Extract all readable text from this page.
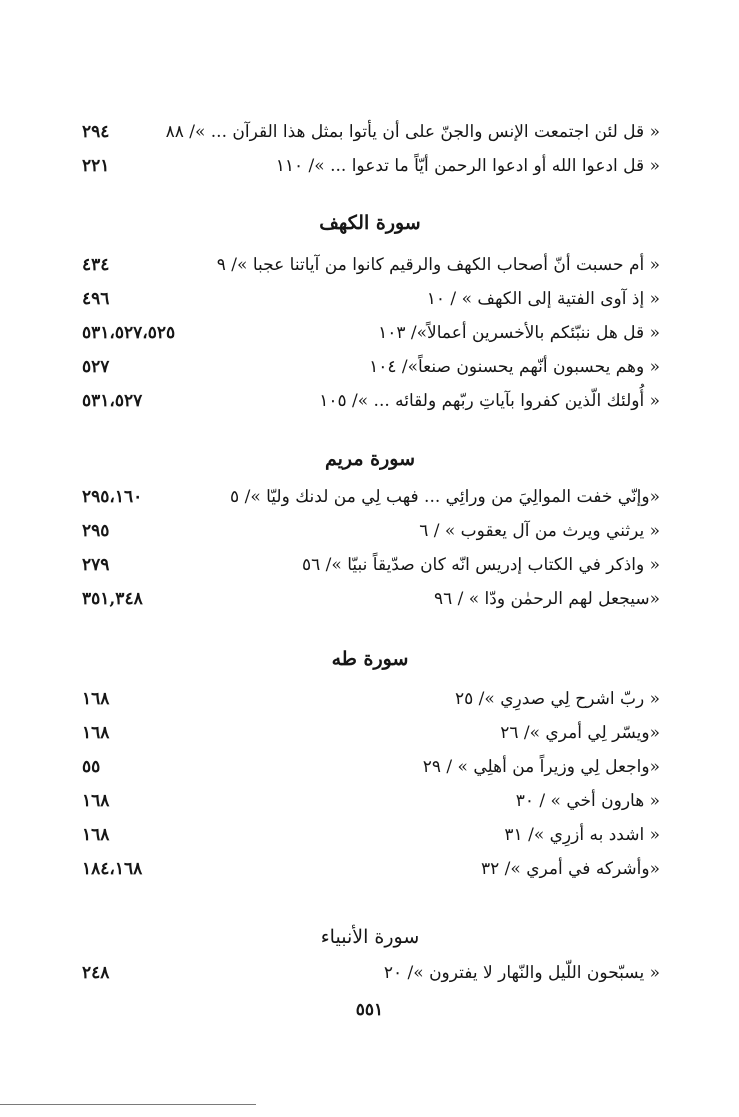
« قل لئن اجتمعت الإنس والجنّ على أن يأتوا بمثل هذا القرآن ... »/ ٨٨
٢٩٤
« قل ادعوا الله أو ادعوا الرحمن أيّاً ما تدعوا ... »/ ١١٠
٢٢١
سورة الكهف
« أم حسبت أنّ أصحاب الكهف والرقيم كانوا من آياتنا عجبا »/ ٩
٤٣٤
« إذ آوى الفتية إلى الكهف » / ١٠
٤٩٦
« قل هل ننبّئكم بالأخسرين أعمالاً»/ ١٠٣
٥٣١،٥٢٧،٥٢٥
« وهم يحسبون أنّهم يحسنون صنعاً»/ ١٠٤
٥٢٧
« أُولئك الّذين كفروا بآياتِ ربّهم ولقائه ... »/ ١٠٥
٥٣١،٥٢٧
سورة مريم
«وإنّي خفت الموالِيَ من ورائِي ... فهب لِي من لدنك وليّا »/ ٥
٢٩٥،١٦٠
« يرثني ويرث من آل يعقوب » / ٦
٢٩٥
« واذكر في الكتاب إدريس انّه كان صدّيقاً نبيّا »/ ٥٦
٢٧٩
«سيجعل لهم الرحمٰن ودّا » / ٩٦
٣٥١,٣٤٨
سورة طه
« ربّ اشرح لِي صدرِي »/ ٢٥
١٦٨
«ويسّر لِي أمري »/ ٢٦
١٦٨
«واجعل لِي وزيراً من أهلِي » / ٢٩
٥٥
« هارون أخي » / ٣٠
١٦٨
« اشدد به أزرِي »/ ٣١
١٦٨
«وأشركه في أمري »/ ٣٢
١٨٤،١٦٨
سورة الأنبياء
« يسبّحون اللّيل والنّهار لا يفترون »/ ٢٠
٢٤٨
٥٥١
